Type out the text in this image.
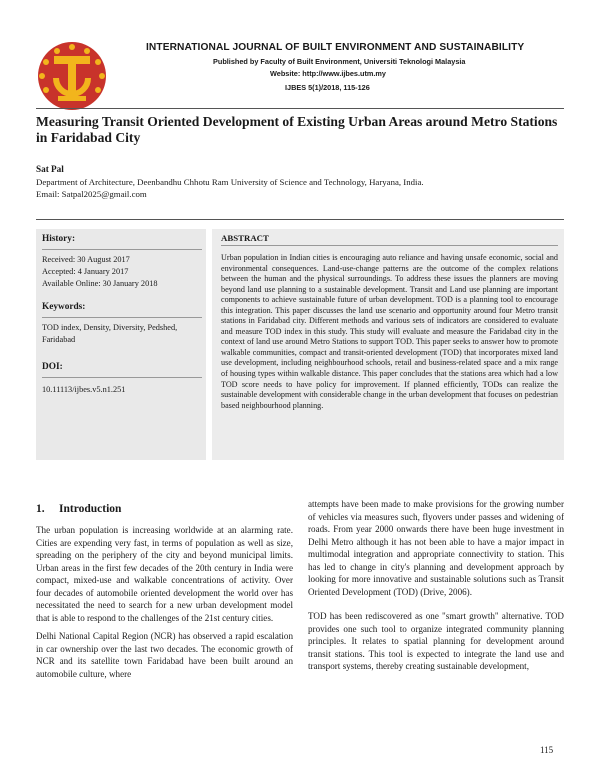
INTERNATIONAL JOURNAL OF BUILT ENVIRONMENT AND SUSTAINABILITY
Published by Faculty of Built Environment, Universiti Teknologi Malaysia
Website: http://www.ijbes.utm.my
IJBES 5(1)/2018, 115-126
Measuring Transit Oriented Development of Existing Urban Areas around Metro Stations
in Faridabad City
Sat Pal
Department of Architecture, Deenbandhu Chhotu Ram University of Science and Technology, Haryana, India.
Email: Satpal2025@gmail.com
History:
Received: 30 August 2017
Accepted: 4 January 2017
Available Online: 30 January 2018
Keywords:
TOD index, Density, Diversity, Pedshed,
Faridabad
DOI:
10.11113/ijbes.v5.n1.251
ABSTRACT
Urban population in Indian cities is encouraging auto reliance and having unsafe economic, social and environmental consequences. Land-use-change patterns are the outcome of the complex relations between the human and the physical surroundings. To address these issues the planners are moving beyond land use planning to a sustainable development. Transit and Land use planning are important components to achieve sustainable future of urban development. TOD is a planning tool to encourage this integration. This paper discusses the land use scenario and opportunity around four Metro transit stations in Faridabad city. Different methods and various sets of indicators are considered to evaluate and measure TOD index in this study. This study will evaluate and measure the Faridabad city in the context of land use around Metro Stations to support TOD. This paper seeks to answer how to promote walkable communities, compact and transit-oriented development (TOD) that incorporates mixed land use development, including neighbourhood schools, retail and business-related space and a mix range of housing types within walkable distance. This paper concludes that the stations area which had a low TOD score needs to have policy for improvement. If planned efficiently, TODs can realize the sustainable development with considerable change in the urban development that focuses on pedestrian based neighbourhood planning.
1.     Introduction
The urban population is increasing worldwide at an alarming rate. Cities are expending very fast, in terms of population as well as size, spreading on the periphery of the city and beyond municipal limits. Urban areas in the first few decades of the 20th century in India were compact, mixed-use and walkable concentrations of activity. Over four decades of automobile oriented development the world over has necessitated the need to search for a new urban development model that is able to respond to the challenges of the 21st century cities.
Delhi National Capital Region (NCR) has observed a rapid escalation in car ownership over the last two decades. The economic growth of NCR and its satellite town Faridabad have been built around an automobile culture, where
attempts have been made to make provisions for the growing number of vehicles via measures such, flyovers under passes and widening of roads. From year 2000 onwards there have been huge investment in Delhi Metro although it has not been able to have a major impact in multimodal integration and appropriate connectivity to station. This has led to change in city's planning and development approach by looking for more innovative and sustainable solutions such as Transit Oriented Development (TOD) (Drive, 2006).
TOD has been rediscovered as one "smart growth" alternative. TOD provides one such tool to organize integrated community planning principles. It relates to spatial planning for development around transit stations. This tool is expected to integrate the land use and transport systems, thereby creating sustainable development,
115
